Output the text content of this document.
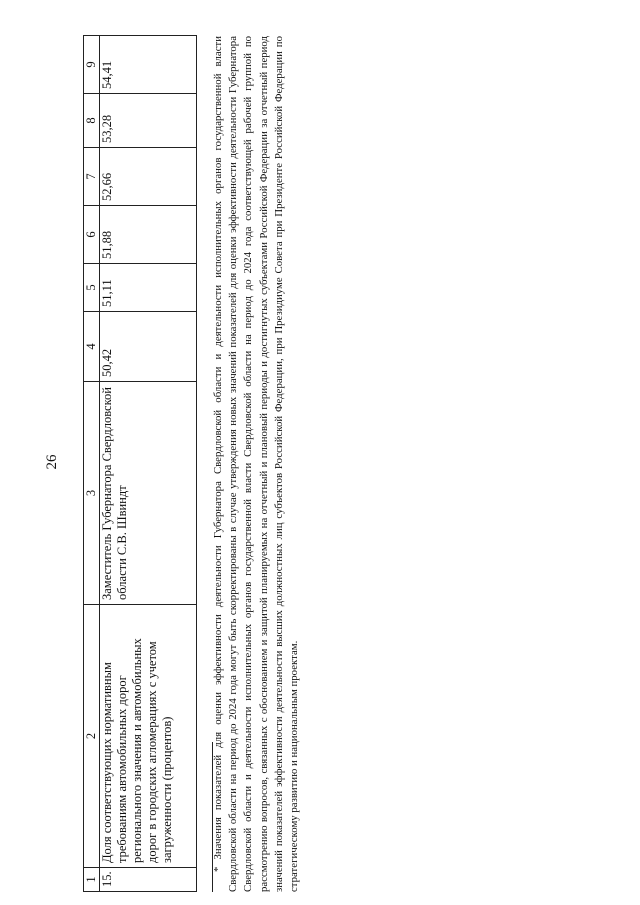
26
1	2	3	4	5	6	7	8	9
15.	Доля соответствующих нормативным требованиям автомобильных дорог регионального значения и автомобильных дорог в городских агломерациях с учетом загруженности (процентов)	Заместитель Губернатора Свердловской области С.В. Швиндт	50,42	51,11	51,88	52,66	53,28	54,41

* Значения показателей для оценки эффективности деятельности Губернатора Свердловской области и деятельности исполнительных органов государственной власти Свердловской области на период до 2024 года могут быть скорректированы в случае утверждения новых значений показателей для оценки эффективности деятельности Губернатора Свердловской области и деятельности исполнительных органов государственной власти Свердловской области на период до 2024 года соответствующей рабочей группой по рассмотрению вопросов, связанных с обоснованием и защитой планируемых на отчетный и плановый периоды и достигнутых субъектами Российской Федерации за отчетный период значений показателей эффективности деятельности высших должностных лиц субъектов Российской Федерации, при Президиуме Совета при Президенте Российской Федерации по стратегическому развитию и национальным проектам.
